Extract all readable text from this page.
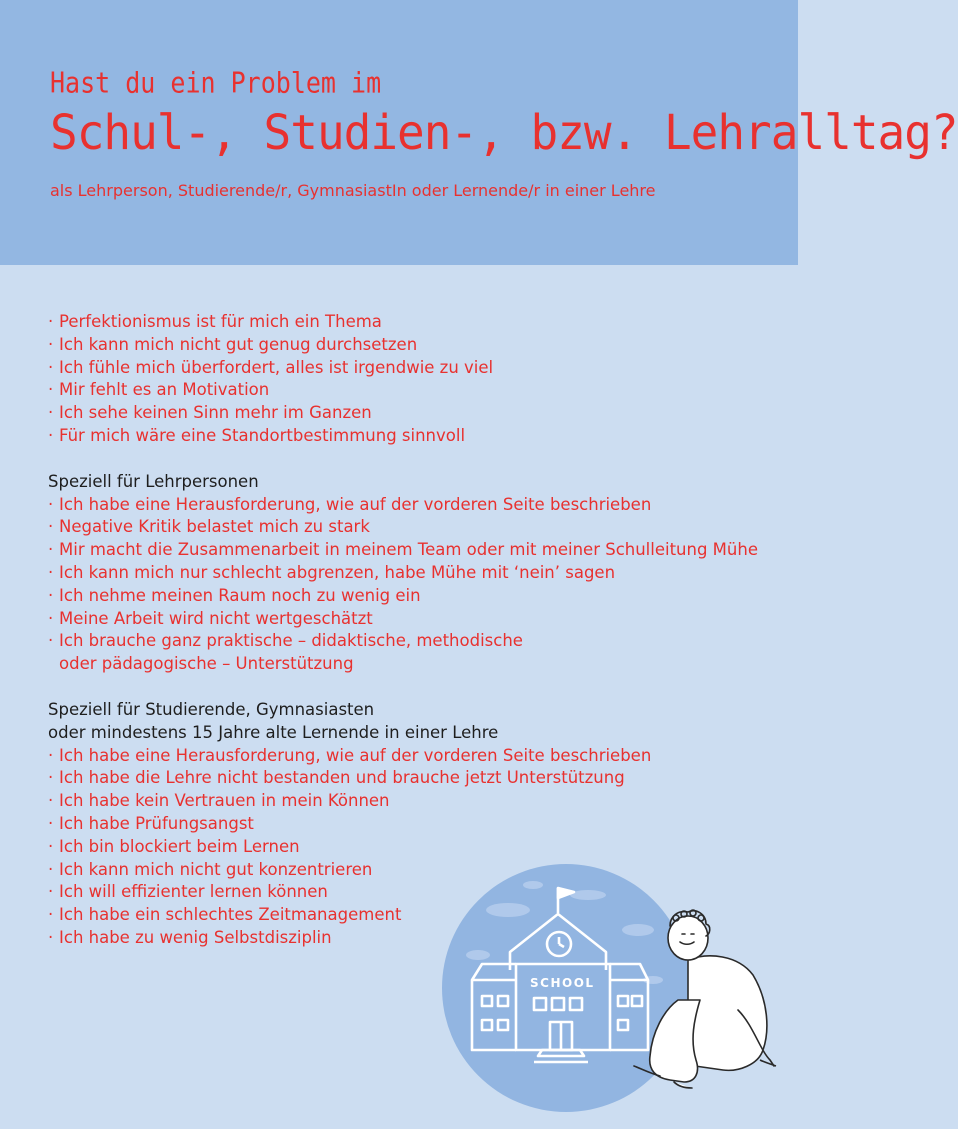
Hast du ein Problem im
Schul-, Studien-, bzw. Lehralltag?
als Lehrperson, Studierende/r, GymnasiastIn oder Lernende/r in einer Lehre
· Perfektionismus ist für mich ein Thema
· Ich kann mich nicht gut genug durchsetzen
· Ich fühle mich überfordert, alles ist irgendwie zu viel
· Mir fehlt es an Motivation
· Ich sehe keinen Sinn mehr im Ganzen
· Für mich wäre eine Standortbestimmung sinnvoll
Speziell für Lehrpersonen
· Ich habe eine Herausforderung, wie auf der vorderen Seite beschrieben
· Negative Kritik belastet mich zu stark
· Mir macht die Zusammenarbeit in meinem Team oder mit meiner Schulleitung Mühe
· Ich kann mich nur schlecht abgrenzen, habe Mühe mit ‘nein’ sagen
· Ich nehme meinen Raum noch zu wenig ein
· Meine Arbeit wird nicht wertgeschätzt
· Ich brauche ganz praktische – didaktische, methodische
oder pädagogische – Unterstützung
Speziell für Studierende, Gymnasiasten
oder mindestens 15 Jahre alte Lernende in einer Lehre
· Ich habe eine Herausforderung, wie auf der vorderen Seite beschrieben
· Ich habe die Lehre nicht bestanden und brauche jetzt Unterstützung
· Ich habe kein Vertrauen in mein Können
· Ich habe Prüfungsangst
· Ich bin blockiert beim Lernen
· Ich kann mich nicht gut konzentrieren
· Ich will effizienter lernen können
· Ich habe ein schlechtes Zeitmanagement
· Ich habe zu wenig Selbstdisziplin
SCHOOL
